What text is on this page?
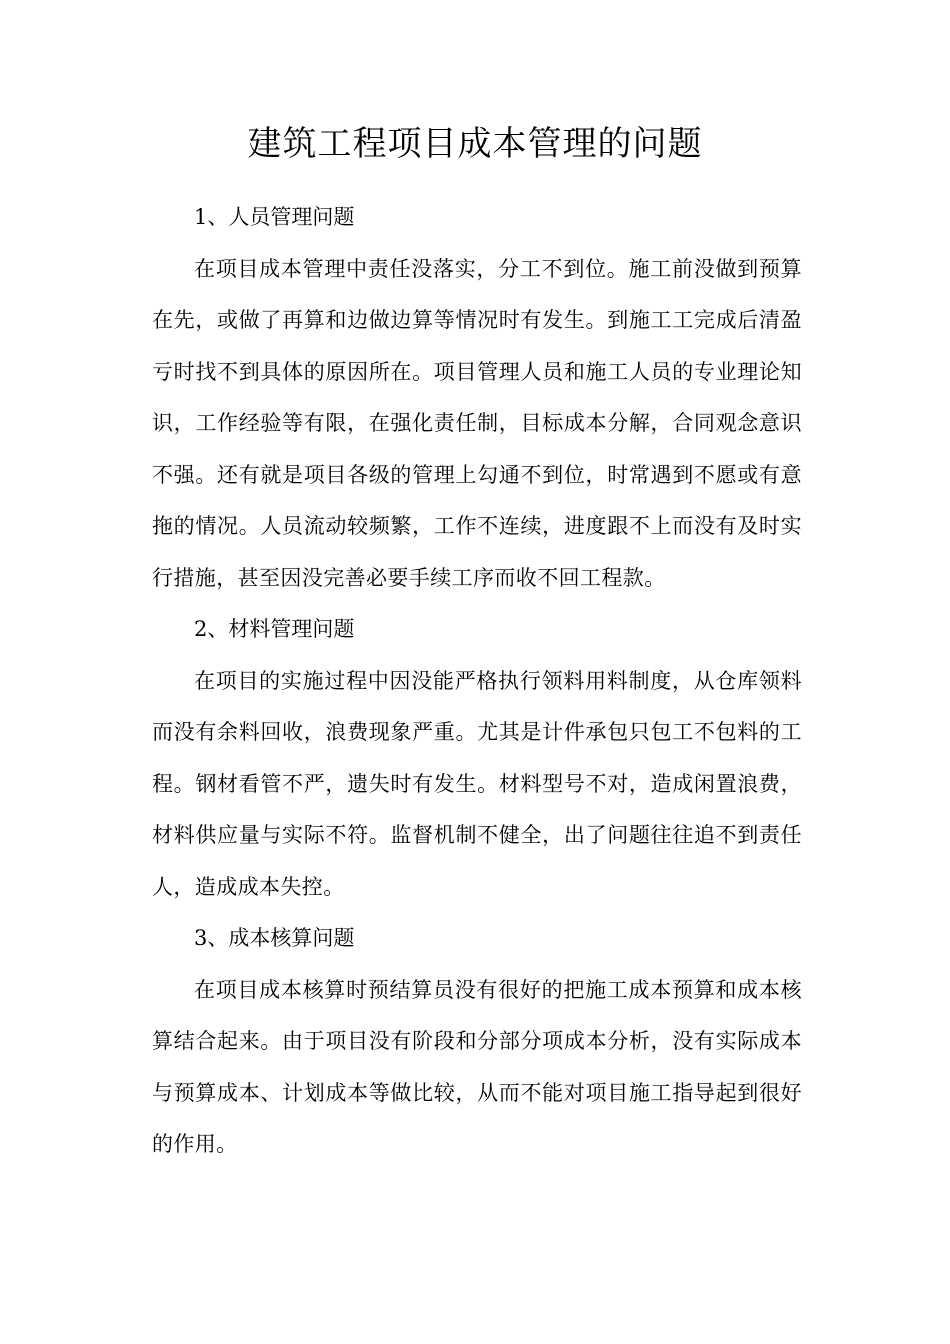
建筑工程项目成本管理的问题

1、人员管理问题

在项目成本管理中责任没落实，分工不到位。施工前没做到预算在先，或做了再算和边做边算等情况时有发生。到施工工完成后清盈亏时找不到具体的原因所在。项目管理人员和施工人员的专业理论知识，工作经验等有限，在强化责任制，目标成本分解，合同观念意识不强。还有就是项目各级的管理上勾通不到位，时常遇到不愿或有意拖的情况。人员流动较频繁，工作不连续，进度跟不上而没有及时实行措施，甚至因没完善必要手续工序而收不回工程款。

2、材料管理问题

在项目的实施过程中因没能严格执行领料用料制度，从仓库领料而没有余料回收，浪费现象严重。尤其是计件承包只包工不包料的工程。钢材看管不严，遗失时有发生。材料型号不对，造成闲置浪费，材料供应量与实际不符。监督机制不健全，出了问题往往追不到责任人，造成成本失控。

3、成本核算问题

在项目成本核算时预结算员没有很好的把施工成本预算和成本核算结合起来。由于项目没有阶段和分部分项成本分析，没有实际成本与预算成本、计划成本等做比较，从而不能对项目施工指导起到很好的作用。
